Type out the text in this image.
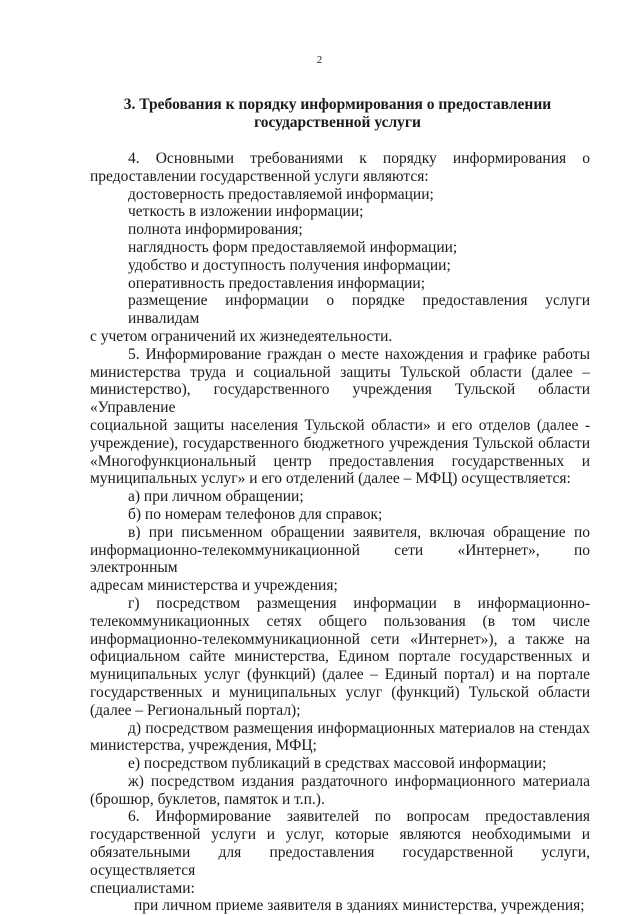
2
3. Требования к порядку информирования о предоставлении
государственной услуги
4. Основными требованиями к порядку информирования о
предоставлении государственной услуги являются:
достоверность предоставляемой информации;
четкость в изложении информации;
полнота информирования;
наглядность форм предоставляемой информации;
удобство и доступность получения информации;
оперативность предоставления информации;
размещение информации о порядке предоставления услуги инвалидам
с учетом ограничений их жизнедеятельности.
5. Информирование граждан о месте нахождения и графике работы
министерства труда и социальной защиты Тульской области (далее –
министерство), государственного учреждения Тульской области «Управление
социальной защиты населения Тульской области» и его отделов (далее -
учреждение), государственного бюджетного учреждения Тульской области
«Многофункциональный центр предоставления государственных и
муниципальных услуг» и его отделений (далее – МФЦ) осуществляется:
а) при личном обращении;
б) по номерам телефонов для справок;
в) при письменном обращении заявителя, включая обращение по
информационно-телекоммуникационной сети «Интернет», по электронным
адресам министерства и учреждения;
г) посредством размещения информации в информационно-
телекоммуникационных сетях общего пользования (в том числе
информационно-телекоммуникационной сети «Интернет»), а также на
официальном сайте министерства, Едином портале государственных и
муниципальных услуг (функций) (далее – Единый портал) и на портале
государственных и муниципальных услуг (функций) Тульской области
(далее – Региональный портал);
д) посредством размещения информационных материалов на стендах
министерства, учреждения, МФЦ;
е) посредством публикаций в средствах массовой информации;
ж) посредством издания раздаточного информационного материала
(брошюр, буклетов, памяток и т.п.).
6. Информирование заявителей по вопросам предоставления
государственной услуги и услуг, которые являются необходимыми и
обязательными для предоставления государственной услуги, осуществляется
специалистами:
при личном приеме заявителя в зданиях министерства, учреждения;
